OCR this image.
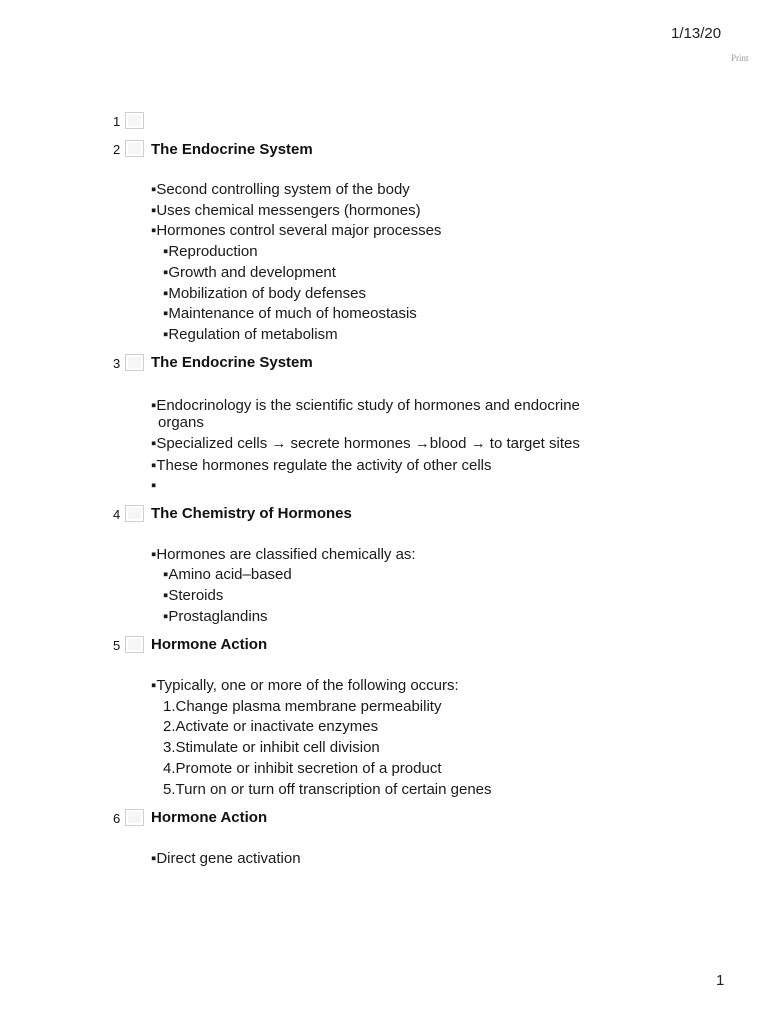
1/13/20
Print
1
2 The Endocrine System
▪Second controlling system of the body
▪Uses chemical messengers (hormones)
▪Hormones control several major processes
▪Reproduction
▪Growth and development
▪Mobilization of body defenses
▪Maintenance of much of homeostasis
▪Regulation of metabolism
3 The Endocrine System
▪Endocrinology is the scientific study of hormones and endocrine
organs
▪Specialized cells → secrete hormones →blood → to target sites
▪These hormones regulate the activity of other cells
▪
4 The Chemistry of Hormones
▪Hormones are classified chemically as:
▪Amino acid–based
▪Steroids
▪Prostaglandins
5 Hormone Action
▪Typically, one or more of the following occurs:
1.Change plasma membrane permeability
2.Activate or inactivate enzymes
3.Stimulate or inhibit cell division
4.Promote or inhibit secretion of a product
5.Turn on or turn off transcription of certain genes
6 Hormone Action
▪Direct gene activation
1
